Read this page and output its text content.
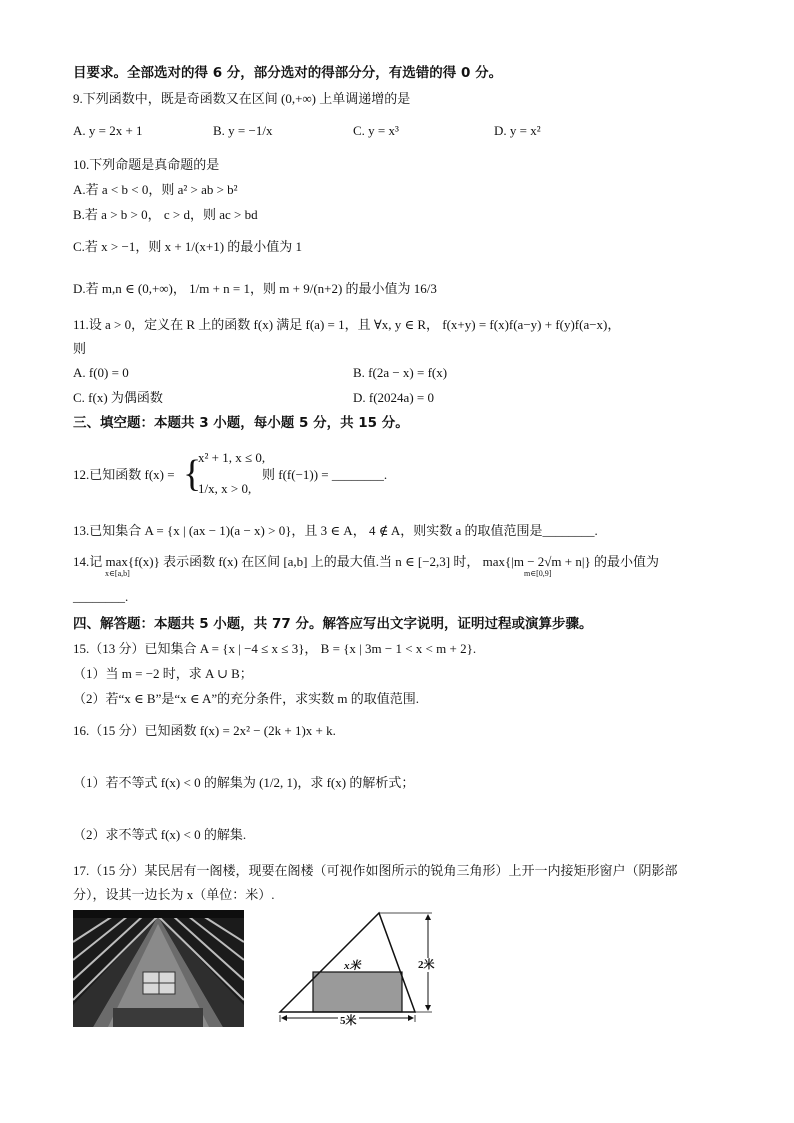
目要求。全部选对的得 6 分，部分选对的得部分分，有选错的得 0 分。
9.下列函数中，既是奇函数又在区间 (0,+∞) 上单调递增的是
A. y = 2x + 1	B. y = −1/x	C. y = x³	D. y = x²
10.下列命题是真命题的是
A.若 a < b < 0，则 a² > ab > b²
B.若 a > b > 0， c > d，则 ac > bd
C.若 x > −1，则 x + 1/(x+1) 的最小值为 1
D.若 m,n ∈ (0,+∞)， 1/m + n = 1，则 m + 9/(n+2) 的最小值为 16/3
11.设 a > 0，定义在 R 上的函数 f(x) 满足 f(a) = 1，且 ∀x, y ∈ R， f(x+y) = f(x)f(a−y) + f(y)f(a−x)，
则
A. f(0) = 0	B. f(2a − x) = f(x)
C. f(x) 为偶函数	D. f(2024a) = 0
三、填空题：本题共 3 小题，每小题 5 分，共 15 分。
12.已知函数 f(x) = {
x² + 1, x ≤ 0,
1/x, x > 0,
则 f(f(−1)) = ________.
13.已知集合 A = {x | (ax − 1)(a − x) > 0}，且 3 ∈ A， 4 ∉ A，则实数 a 的取值范围是________.
14.记 max{f(x)} 表示函数 f(x) 在区间 [a,b] 上的最大值.当 n ∈ [−2,3] 时， max{|m − 2√m + n|} 的最小值为
x∈[a,b]	m∈[0,9]
________.
四、解答题：本题共 5 小题，共 77 分。解答应写出文字说明，证明过程或演算步骤。
15.（13 分）已知集合 A = {x | −4 ≤ x ≤ 3}， B = {x | 3m − 1 < x < m + 2}.
（1）当 m = −2 时，求 A ∪ B；
（2）若“x ∈ B”是“x ∈ A”的充分条件，求实数 m 的取值范围.
16.（15 分）已知函数 f(x) = 2x² − (2k + 1)x + k.
（1）若不等式 f(x) < 0 的解集为 (1/2, 1)，求 f(x) 的解析式；
（2）求不等式 f(x) < 0 的解集.
17.（15 分）某民居有一阁楼，现要在阁楼（可视作如图所示的锐角三角形）上开一内接矩形窗户（阴影部
分），设其一边长为 x（单位：米）.
x米	2米
5米
